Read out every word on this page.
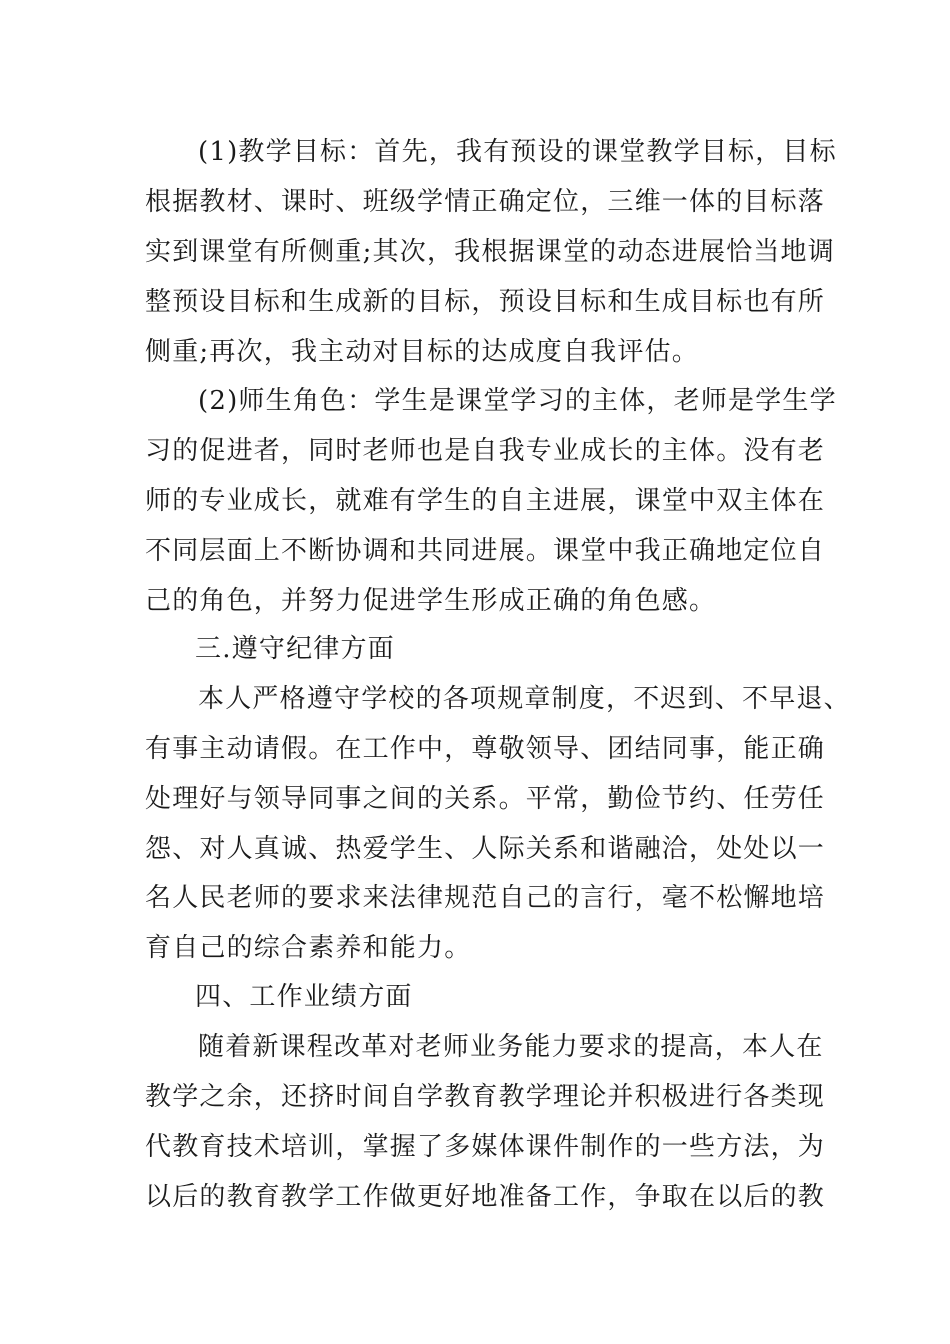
(1)教学目标：首先，我有预设的课堂教学目标，目标

根据教材、课时、班级学情正确定位，三维一体的目标落

实到课堂有所侧重;其次，我根据课堂的动态进展恰当地调

整预设目标和生成新的目标，预设目标和生成目标也有所

侧重;再次，我主动对目标的达成度自我评估。

(2)师生角色：学生是课堂学习的主体，老师是学生学

习的促进者，同时老师也是自我专业成长的主体。没有老

师的专业成长，就难有学生的自主进展，课堂中双主体在

不同层面上不断协调和共同进展。课堂中我正确地定位自

己的角色，并努力促进学生形成正确的角色感。

三.遵守纪律方面

本人严格遵守学校的各项规章制度，不迟到、不早退、

有事主动请假。在工作中，尊敬领导、团结同事，能正确

处理好与领导同事之间的关系。平常，勤俭节约、任劳任

怨、对人真诚、热爱学生、人际关系和谐融洽，处处以一

名人民老师的要求来法律规范自己的言行，毫不松懈地培

育自己的综合素养和能力。

四、工作业绩方面

随着新课程改革对老师业务能力要求的提高，本人在

教学之余，还挤时间自学教育教学理论并积极进行各类现

代教育技术培训，掌握了多媒体课件制作的一些方法，为

以后的教育教学工作做更好地准备工作，争取在以后的教
